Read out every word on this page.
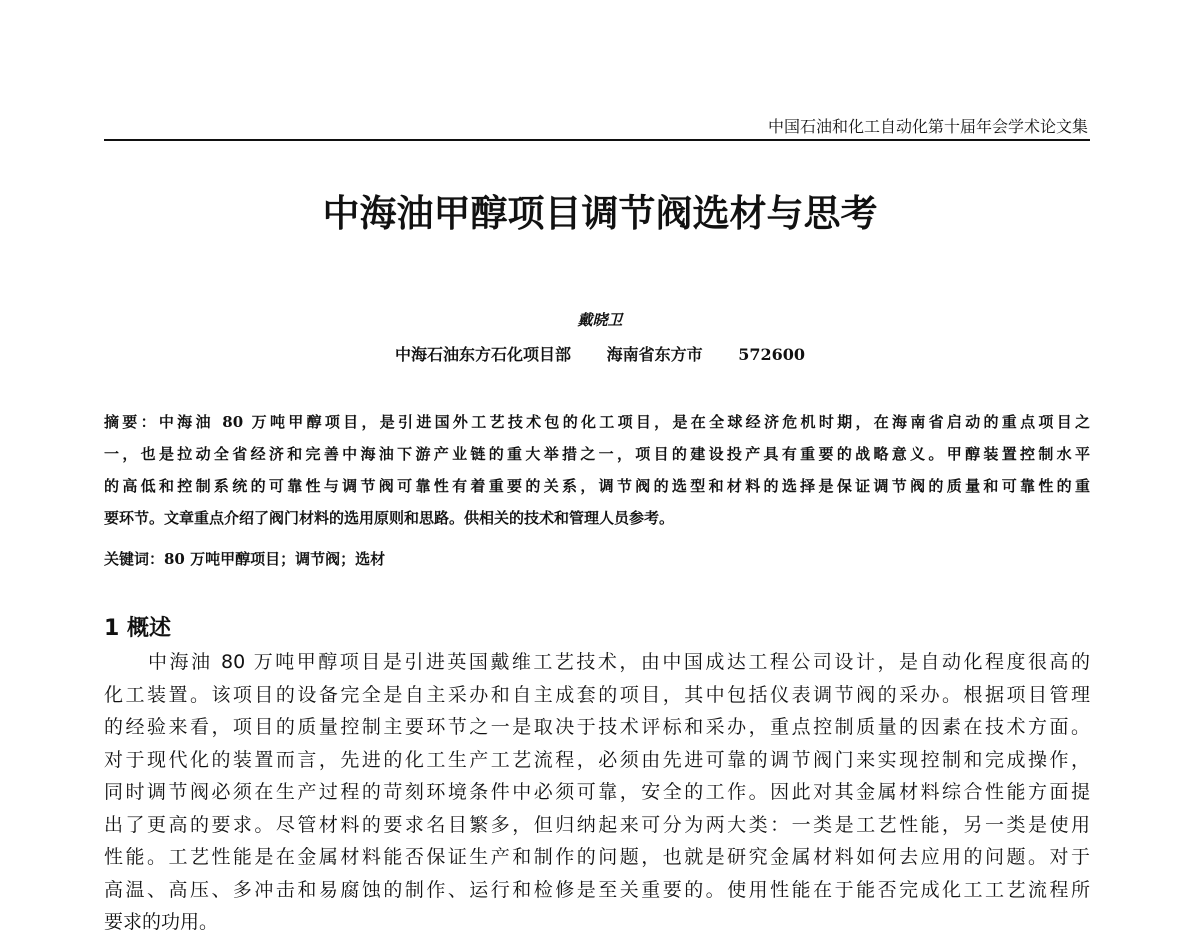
中国石油和化工自动化第十届年会学术论文集
中海油甲醇项目调节阀选材与思考
戴晓卫
中海石油东方石化项目部 海南省东方市 572600
摘要：中海油 80 万吨甲醇项目，是引进国外工艺技术包的化工项目，是在全球经济危机时期，在海南省启动的重点项目之
一，也是拉动全省经济和完善中海油下游产业链的重大举措之一，项目的建设投产具有重要的战略意义。甲醇装置控制水平
的高低和控制系统的可靠性与调节阀可靠性有着重要的关系，调节阀的选型和材料的选择是保证调节阀的质量和可靠性的重
要环节。文章重点介绍了阀门材料的选用原则和思路。供相关的技术和管理人员参考。
关键词：80 万吨甲醇项目；调节阀；选材
1 概述
中海油 80 万吨甲醇项目是引进英国戴维工艺技术，由中国成达工程公司设计，是自动化程度很高的
化工装置。该项目的设备完全是自主采办和自主成套的项目，其中包括仪表调节阀的采办。根据项目管理
的经验来看，项目的质量控制主要环节之一是取决于技术评标和采办，重点控制质量的因素在技术方面。
对于现代化的装置而言，先进的化工生产工艺流程，必须由先进可靠的调节阀门来实现控制和完成操作，
同时调节阀必须在生产过程的苛刻环境条件中必须可靠，安全的工作。因此对其金属材料综合性能方面提
出了更高的要求。尽管材料的要求名目繁多，但归纳起来可分为两大类：一类是工艺性能，另一类是使用
性能。工艺性能是在金属材料能否保证生产和制作的问题，也就是研究金属材料如何去应用的问题。对于
高温、高压、多冲击和易腐蚀的制作、运行和检修是至关重要的。使用性能在于能否完成化工工艺流程所
要求的功用。
